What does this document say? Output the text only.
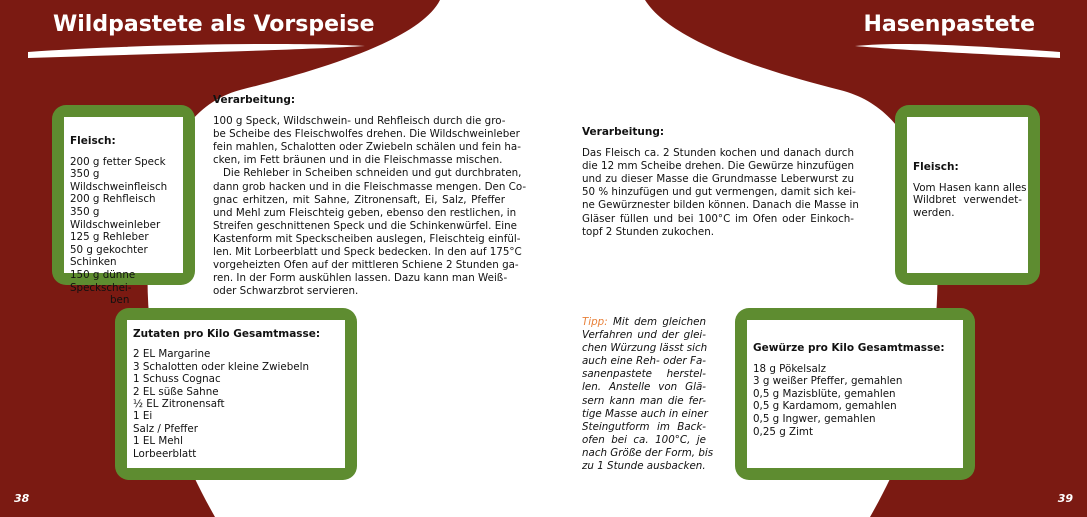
Wildpastete als Vorspeise	Hasenpastete
38	39
Fleisch:
200 g fetter Speck
350 g Wildschweinfleisch
200 g Rehfleisch
350 g Wildschweinleber
125 g Rehleber
50 g gekochter Schinken
150 g dünne Speckschei-
ben
Zutaten pro Kilo Gesamtmasse:
2 EL Margarine
3 Schalotten oder kleine Zwiebeln
1 Schuss Cognac
2 EL süße Sahne
½ EL Zitronensaft
1 Ei
Salz / Pfeffer
1 EL Mehl
Lorbeerblatt
Verarbeitung:
100 g Speck, Wildschwein- und Rehfleisch durch die gro-
be Scheibe des Fleischwolfes drehen. Die Wildschweinleber
fein mahlen, Schalotten oder Zwiebeln schälen und fein ha-
cken, im Fett bräunen und in die Fleischmasse mischen.
Die Rehleber in Scheiben schneiden und gut durchbraten,
dann grob hacken und in die Fleischmasse mengen. Den Co-
gnac erhitzen, mit Sahne, Zitronensaft, Ei, Salz, Pfeffer
und Mehl zum Fleischteig geben, ebenso den restlichen, in
Streifen geschnittenen Speck und die Schinkenwürfel. Eine
Kastenform mit Speckscheiben auslegen, Fleischteig einfül-
len. Mit Lorbeerblatt und Speck bedecken. In den auf 175°C
vorgeheizten Ofen auf der mittleren Schiene 2 Stunden ga-
ren. In der Form auskühlen lassen. Dazu kann man Weiß-
oder Schwarzbrot servieren.
Verarbeitung:
Das Fleisch ca. 2 Stunden kochen und danach durch
die 12 mm Scheibe drehen. Die Gewürze hinzufügen
und zu dieser Masse die Grundmasse Leberwurst zu
50 % hinzufügen und gut vermengen, damit sich kei-
ne Gewürznester bilden können. Danach die Masse in
Gläser füllen und bei 100°C im Ofen oder Einkoch-
topf 2 Stunden zukochen.
Tipp: Mit dem gleichen
Verfahren und der glei-
chen Würzung lässt sich
auch eine Reh- oder Fa-
sanenpastete herstel-
len. Anstelle von Glä-
sern kann man die fer-
tige Masse auch in einer
Steingutform im Back-
ofen bei ca. 100°C, je
nach Größe der Form, bis
zu 1 Stunde ausbacken.
Fleisch:
Vom Hasen kann alles
Wildbret verwendet-
werden.
Gewürze pro Kilo Gesamtmasse:
18 g Pökelsalz
3 g weißer Pfeffer, gemahlen
0,5 g Mazisblüte, gemahlen
0,5 g Kardamom, gemahlen
0,5 g Ingwer, gemahlen
0,25 g Zimt
